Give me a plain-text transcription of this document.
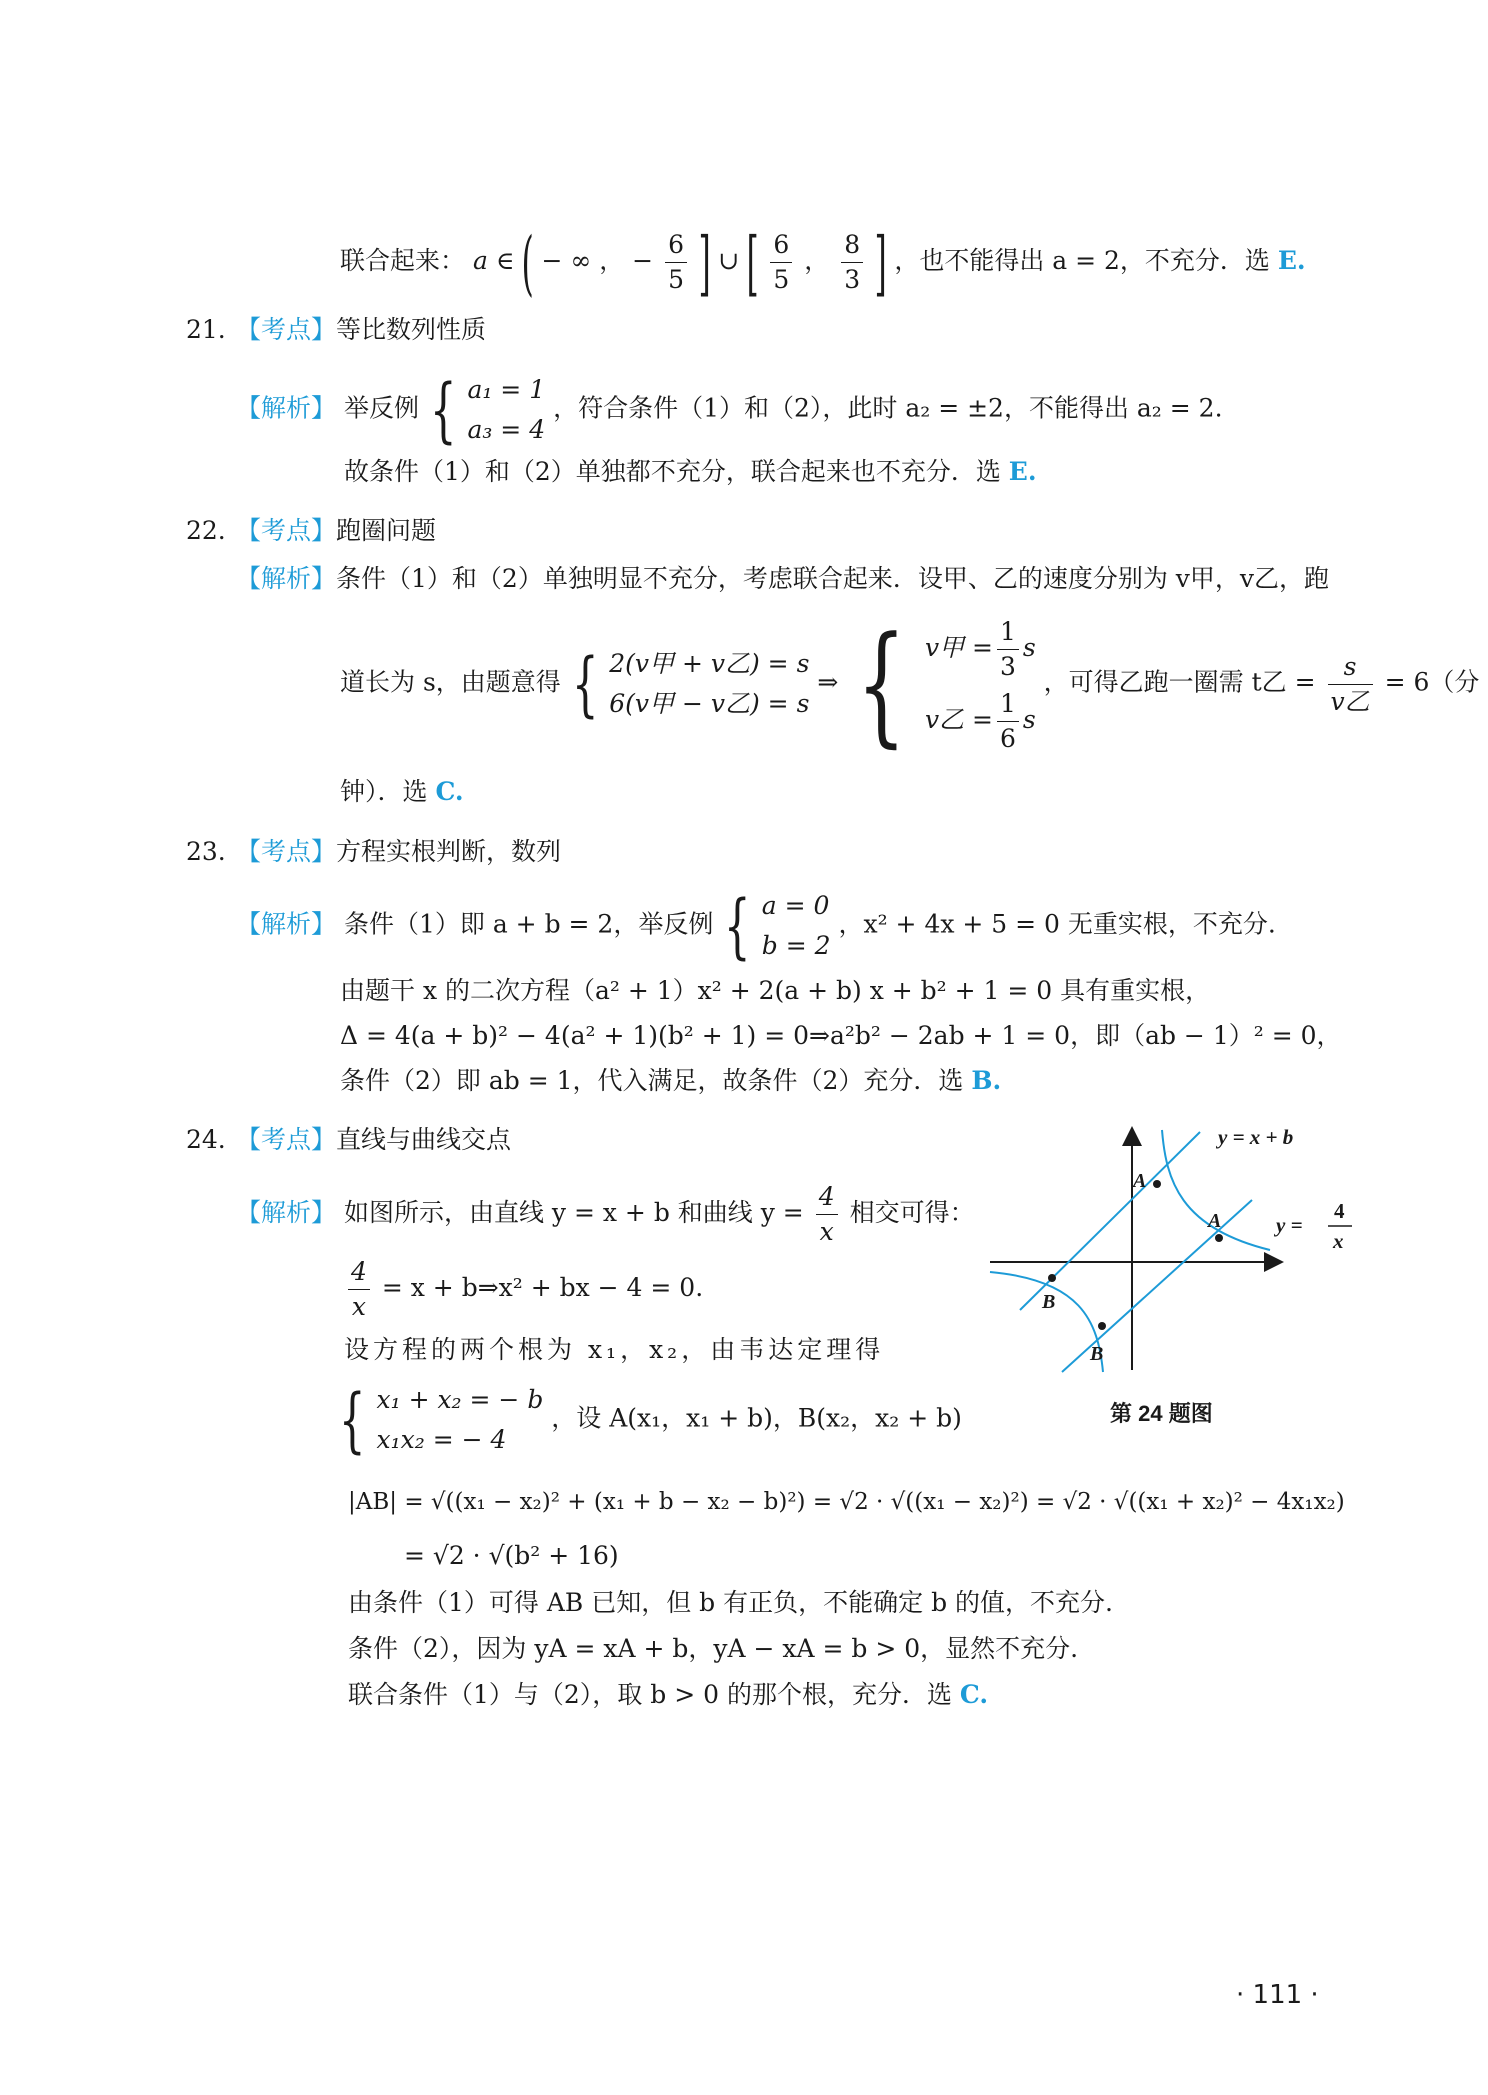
联合起来： a ∈ ( − ∞ ， − $\frac{6}{5}$ ] ∪ [ $\frac{6}{5}$ ， $\frac{8}{3}$ ] ，也不能得出 a = 2，不充分．选 E.
21. 【考点】等比数列性质
【解析】 举反例 { a₁ = 1
a₃ = 4
，符合条件（1）和（2），此时 a₂ = ±2，不能得出 a₂ = 2.
故条件（1）和（2）单独都不充分，联合起来也不充分．选 E.
22. 【考点】跑圈问题
【解析】条件（1）和（2）单独明显不充分，考虑联合起来．设甲、乙的速度分别为 v甲，v乙，跑
道长为 s，由题意得 { 2(v甲 + v乙) = s
6(v甲 − v乙) = s
⇒ { v甲 = $\frac{1}{3}$ s
v乙 = $\frac{1}{6}$ s
，可得乙跑一圈需 t乙 = $\frac{s}{\text{v乙}} = 6$（分
钟）．选 C.
23. 【考点】方程实根判断，数列
【解析】 条件（1）即 a + b = 2，举反例 { a = 0
b = 2
，x² + 4x + 5 = 0 无重实根，不充分.
由题干 x 的二次方程（a² + 1）x² + 2(a + b) x + b² + 1 = 0 具有重实根，
Δ = 4(a + b)² − 4(a² + 1)(b² + 1) = 0⇒a²b² − 2ab + 1 = 0，即（ab − 1）² = 0，
条件（2）即 ab = 1，代入满足，故条件（2）充分．选 B.
24. 【考点】直线与曲线交点
【解析】 如图所示，由直线 y = x + b 和曲线 $y = \frac{4}{x}$ 相交可得：
$\frac{4}{x} = x$ + b⇒x² + bx − 4 = 0.
设方程的两个根为 x₁，x₂，由韦达定理得
{ x₁ + x₂ = − b
x₁x₂ = − 4
，设 A(x₁，x₁ + b)，B(x₂，x₂ + b)
|AB| = √((x₁ − x₂)² + (x₁ + b − x₂ − b)²) = √2 · √((x₁ − x₂)²) = √2 · √((x₁ + x₂)² − 4x₁x₂)
= √2 · √(b² + 16)
由条件（1）可得 AB 已知，但 b 有正负，不能确定 b 的值，不充分.
条件（2），因为 yA = xA + b，yA − xA = b > 0，显然不充分.
联合条件（1）与（2），取 b > 0 的那个根，充分．选 C.
A
A
B
B
y = x + b
y =
4
x
第 24 题图
· 111 ·
